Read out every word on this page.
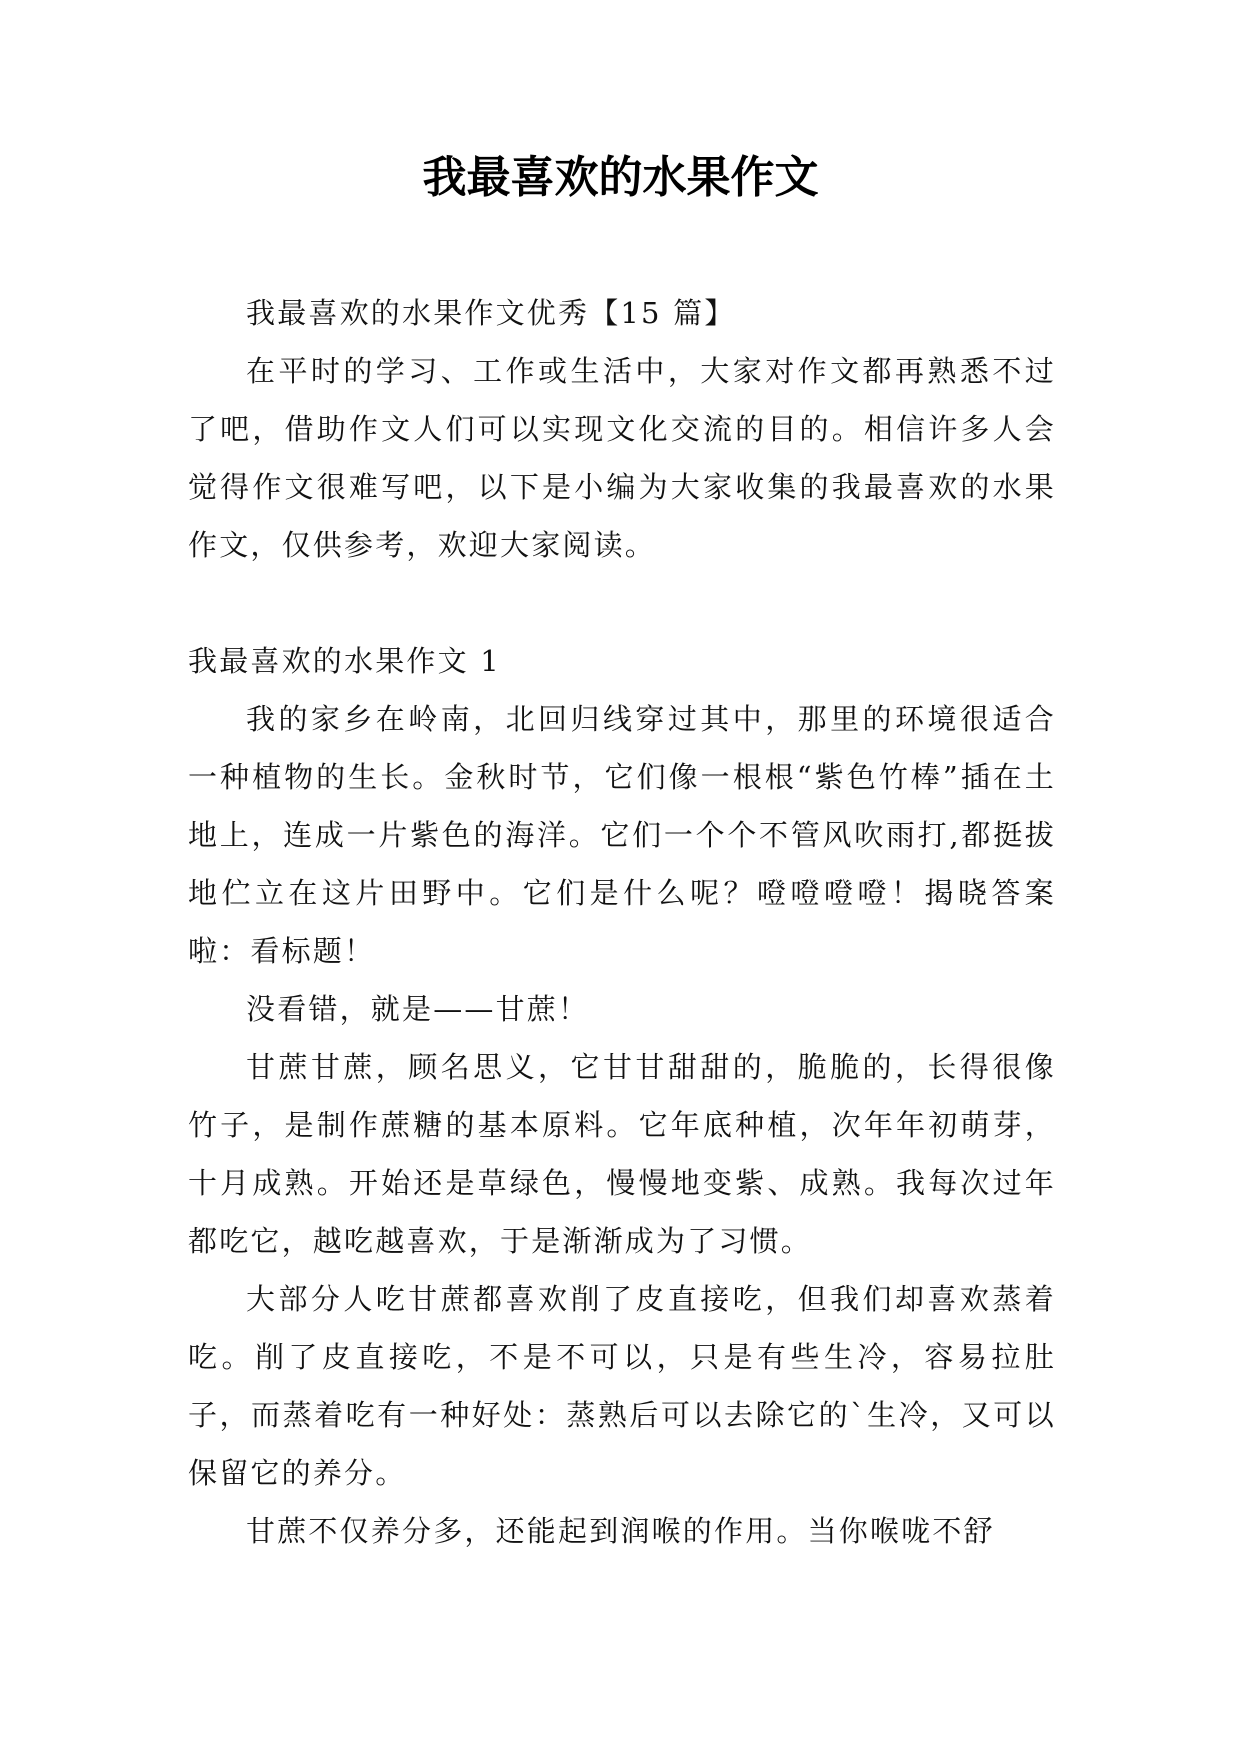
我最喜欢的水果作文

我最喜欢的水果作文优秀【15 篇】

在平时的学习、工作或生活中，大家对作文都再熟悉不过了吧，借助作文人们可以实现文化交流的目的。相信许多人会觉得作文很难写吧，以下是小编为大家收集的我最喜欢的水果作文，仅供参考，欢迎大家阅读。

我最喜欢的水果作文 1

我的家乡在岭南，北回归线穿过其中，那里的环境很适合一种植物的生长。金秋时节，它们像一根根“紫色竹棒”插在土地上，连成一片紫色的海洋。它们一个个不管风吹雨打,都挺拔地伫立在这片田野中。它们是什么呢？噔噔噔噔！揭晓答案啦：看标题！

没看错，就是——甘蔗！

甘蔗甘蔗，顾名思义，它甘甘甜甜的，脆脆的，长得很像竹子，是制作蔗糖的基本原料。它年底种植，次年年初萌芽，十月成熟。开始还是草绿色，慢慢地变紫、成熟。我每次过年都吃它，越吃越喜欢，于是渐渐成为了习惯。

大部分人吃甘蔗都喜欢削了皮直接吃，但我们却喜欢蒸着吃。削了皮直接吃，不是不可以，只是有些生冷，容易拉肚子，而蒸着吃有一种好处：蒸熟后可以去除它的`生冷，又可以保留它的养分。

甘蔗不仅养分多，还能起到润喉的作用。当你喉咙不舒
